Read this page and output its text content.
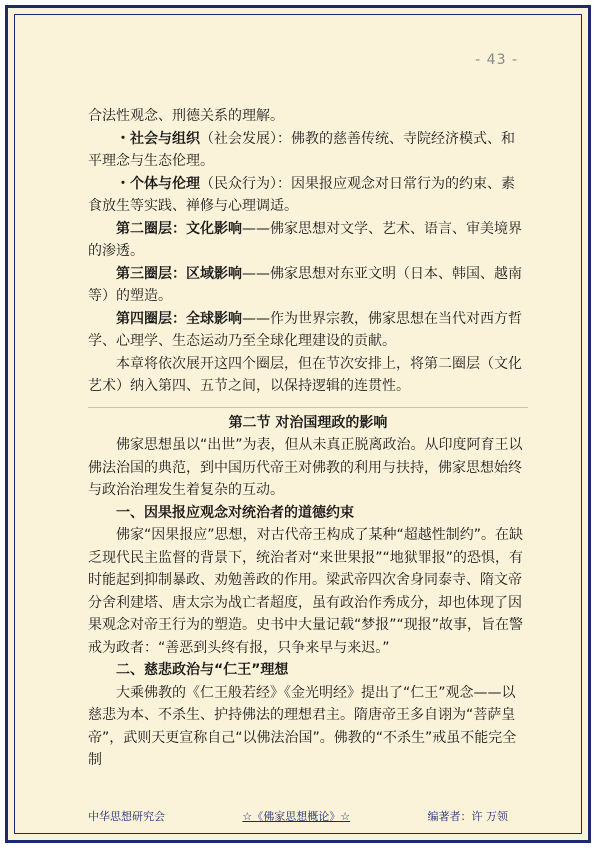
- 43 -

合法性观念、刑德关系的理解。

・社会与组织（社会发展）：佛教的慈善传统、寺院经济模式、和平理念与生态伦理。

・个体与伦理（民众行为）：因果报应观念对日常行为的约束、素食放生等实践、禅修与心理调适。

第二圈层：文化影响——佛家思想对文学、艺术、语言、审美境界的渗透。

第三圈层：区域影响——佛家思想对东亚文明（日本、韩国、越南等）的塑造。

第四圈层：全球影响——作为世界宗教，佛家思想在当代对西方哲学、心理学、生态运动乃至全球化理建设的贡献。

本章将依次展开这四个圈层，但在节次安排上，将第二圈层（文化艺术）纳入第四、五节之间，以保持逻辑的连贯性。

第二节 对治国理政的影响

佛家思想虽以“出世”为表，但从未真正脱离政治。从印度阿育王以佛法治国的典范，到中国历代帝王对佛教的利用与扶持，佛家思想始终与政治治理发生着复杂的互动。

一、因果报应观念对统治者的道德约束

佛家“因果报应”思想，对古代帝王构成了某种“超越性制约”。在缺乏现代民主监督的背景下，统治者对“来世果报”“地狱罪报”的恐惧，有时能起到抑制暴政、劝勉善政的作用。梁武帝四次舍身同泰寺、隋文帝分舍利建塔、唐太宗为战亡者超度，虽有政治作秀成分，却也体现了因果观念对帝王行为的塑造。史书中大量记载“梦报”“现报”故事，旨在警戒为政者：“善恶到头终有报，只争来早与来迟。”

二、慈悲政治与“仁王”理想

大乘佛教的《仁王般若经》《金光明经》提出了“仁王”观念——以慈悲为本、不杀生、护持佛法的理想君主。隋唐帝王多自诩为“菩萨皇帝”，武则天更宣称自己“以佛法治国”。佛教的“不杀生”戒虽不能完全制

中华思想研究会	☆《佛家思想概论》☆	编著者：许 万领
